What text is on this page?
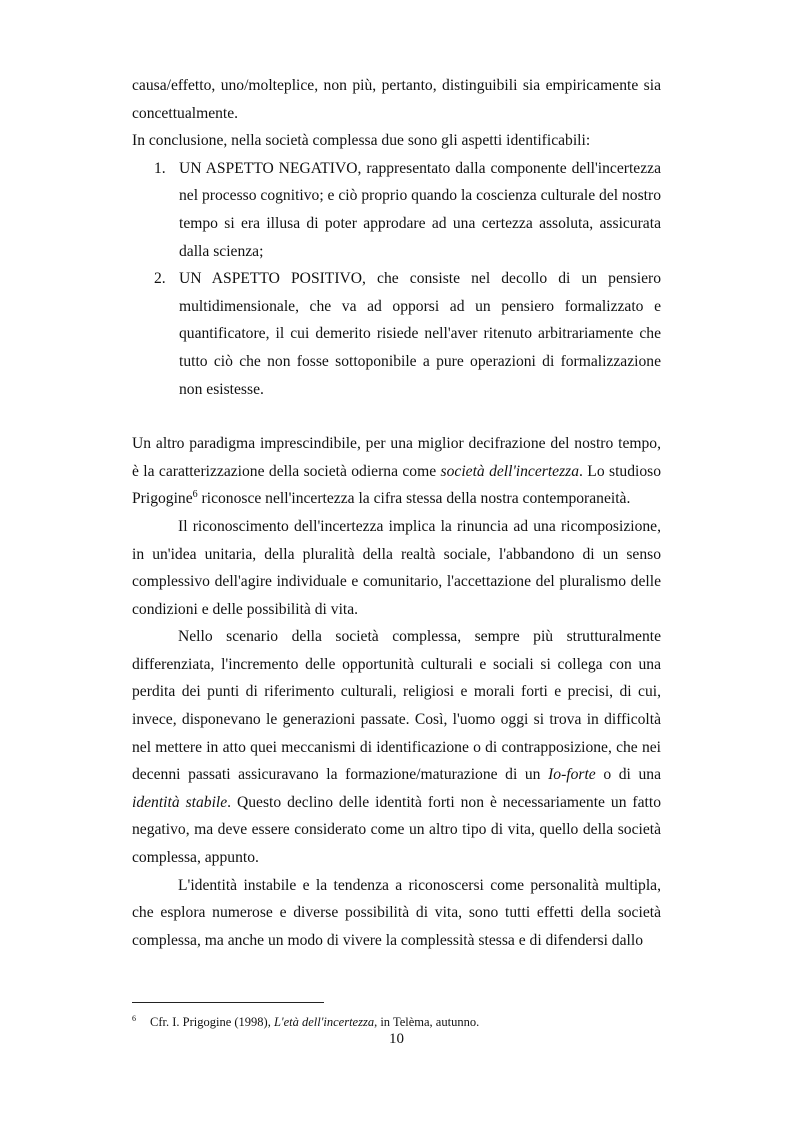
causa/effetto, uno/molteplice, non più, pertanto, distinguibili sia empiricamente sia concettualmente.

In conclusione, nella società complessa due sono gli aspetti identificabili:

1. UN ASPETTO NEGATIVO, rappresentato dalla componente dell'incertezza nel processo cognitivo; e ciò proprio quando la coscienza culturale del nostro tempo si era illusa di poter approdare ad una certezza assoluta, assicurata dalla scienza;
2. UN ASPETTO POSITIVO, che consiste nel decollo di un pensiero multidimensionale, che va ad opporsi ad un pensiero formalizzato e quantificatore, il cui demerito risiede nell'aver ritenuto arbitrariamente che tutto ciò che non fosse sottoponibile a pure operazioni di formalizzazione non esistesse.

Un altro paradigma imprescindibile, per una miglior decifrazione del nostro tempo, è la caratterizzazione della società odierna come società dell'incertezza. Lo studioso Prigogine$^6$ riconosce nell'incertezza la cifra stessa della nostra contemporaneità.

Il riconoscimento dell'incertezza implica la rinuncia ad una ricomposizione, in un'idea unitaria, della pluralità della realtà sociale, l'abbandono di un senso complessivo dell'agire individuale e comunitario, l'accettazione del pluralismo delle condizioni e delle possibilità di vita.

Nello scenario della società complessa, sempre più strutturalmente differenziata, l'incremento delle opportunità culturali e sociali si collega con una perdita dei punti di riferimento culturali, religiosi e morali forti e precisi, di cui, invece, disponevano le generazioni passate. Così, l'uomo oggi si trova in difficoltà nel mettere in atto quei meccanismi di identificazione o di contrapposizione, che nei decenni passati assicuravano la formazione/maturazione di un Io-forte o di una identità stabile. Questo declino delle identità forti non è necessariamente un fatto negativo, ma deve essere considerato come un altro tipo di vita, quello della società complessa, appunto.

L'identità instabile e la tendenza a riconoscersi come personalità multipla, che esplora numerose e diverse possibilità di vita, sono tutti effetti della società complessa, ma anche un modo di vivere la complessità stessa e di difendersi dallo

6 Cfr. I. Prigogine (1998), L'età dell'incertezza, in Telèma, autunno.
10
